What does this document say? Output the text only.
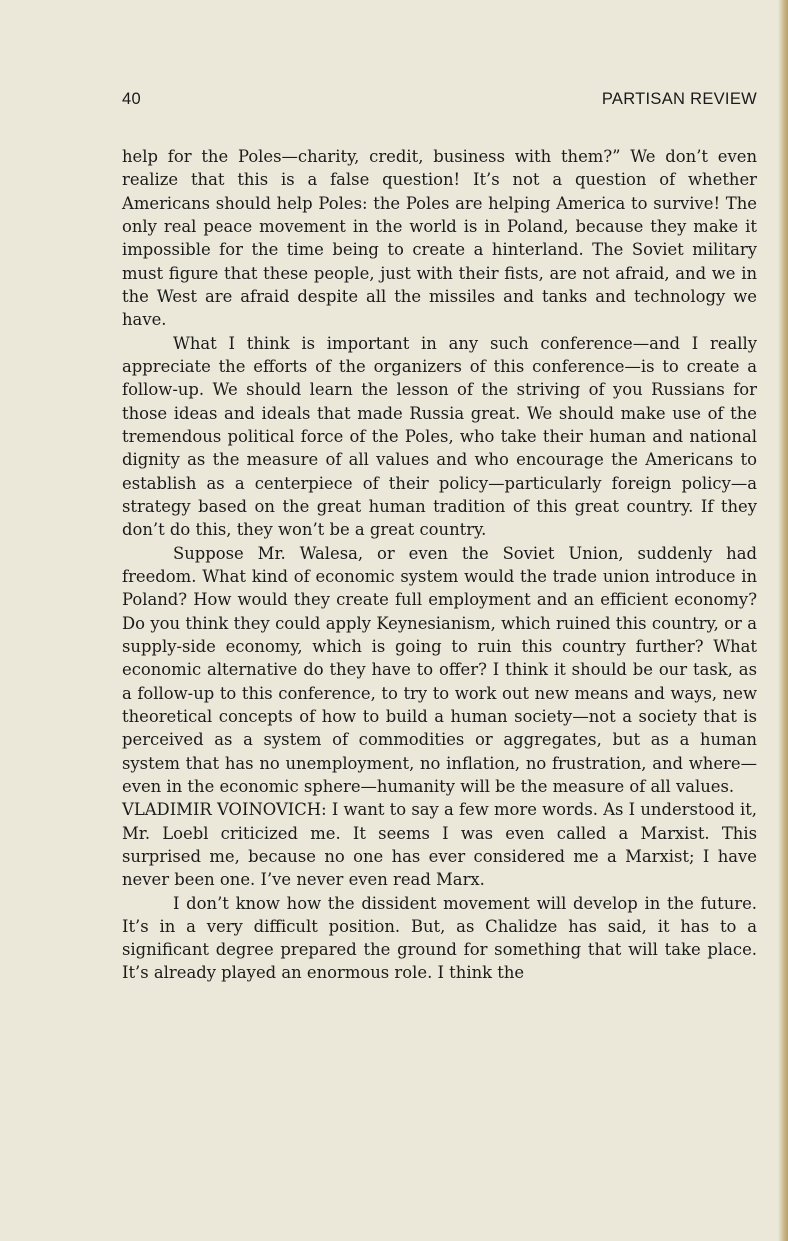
40	PARTISAN REVIEW

help for the Poles—charity, credit, business with them?” We don’t even realize that this is a false question! It’s not a question of whether Americans should help Poles: the Poles are helping America to survive! The only real peace movement in the world is in Poland, because they make it impossible for the time being to create a hinterland. The Soviet military must figure that these people, just with their fists, are not afraid, and we in the West are afraid despite all the missiles and tanks and technology we have.

What I think is important in any such conference—and I really appreciate the efforts of the organizers of this conference—is to create a follow-up. We should learn the lesson of the striving of you Russians for those ideas and ideals that made Russia great. We should make use of the tremendous political force of the Poles, who take their human and national dignity as the measure of all values and who encourage the Americans to establish as a centerpiece of their policy—particularly foreign policy—a strategy based on the great human tradition of this great country. If they don’t do this, they won’t be a great country.

Suppose Mr. Walesa, or even the Soviet Union, suddenly had freedom. What kind of economic system would the trade union introduce in Poland? How would they create full employment and an efficient economy? Do you think they could apply Keynesianism, which ruined this country, or a supply-side economy, which is going to ruin this country further? What economic alternative do they have to offer? I think it should be our task, as a follow-up to this conference, to try to work out new means and ways, new theoretical concepts of how to build a human society—not a society that is perceived as a system of commodities or aggregates, but as a human system that has no unemployment, no inflation, no frustration, and where—even in the economic sphere—humanity will be the measure of all values.

VLADIMIR VOINOVICH: I want to say a few more words. As I understood it, Mr. Loebl criticized me. It seems I was even called a Marxist. This surprised me, because no one has ever considered me a Marxist; I have never been one. I’ve never even read Marx.

I don’t know how the dissident movement will develop in the future. It’s in a very difficult position. But, as Chalidze has said, it has to a significant degree prepared the ground for something that will take place. It’s already played an enormous role. I think the
